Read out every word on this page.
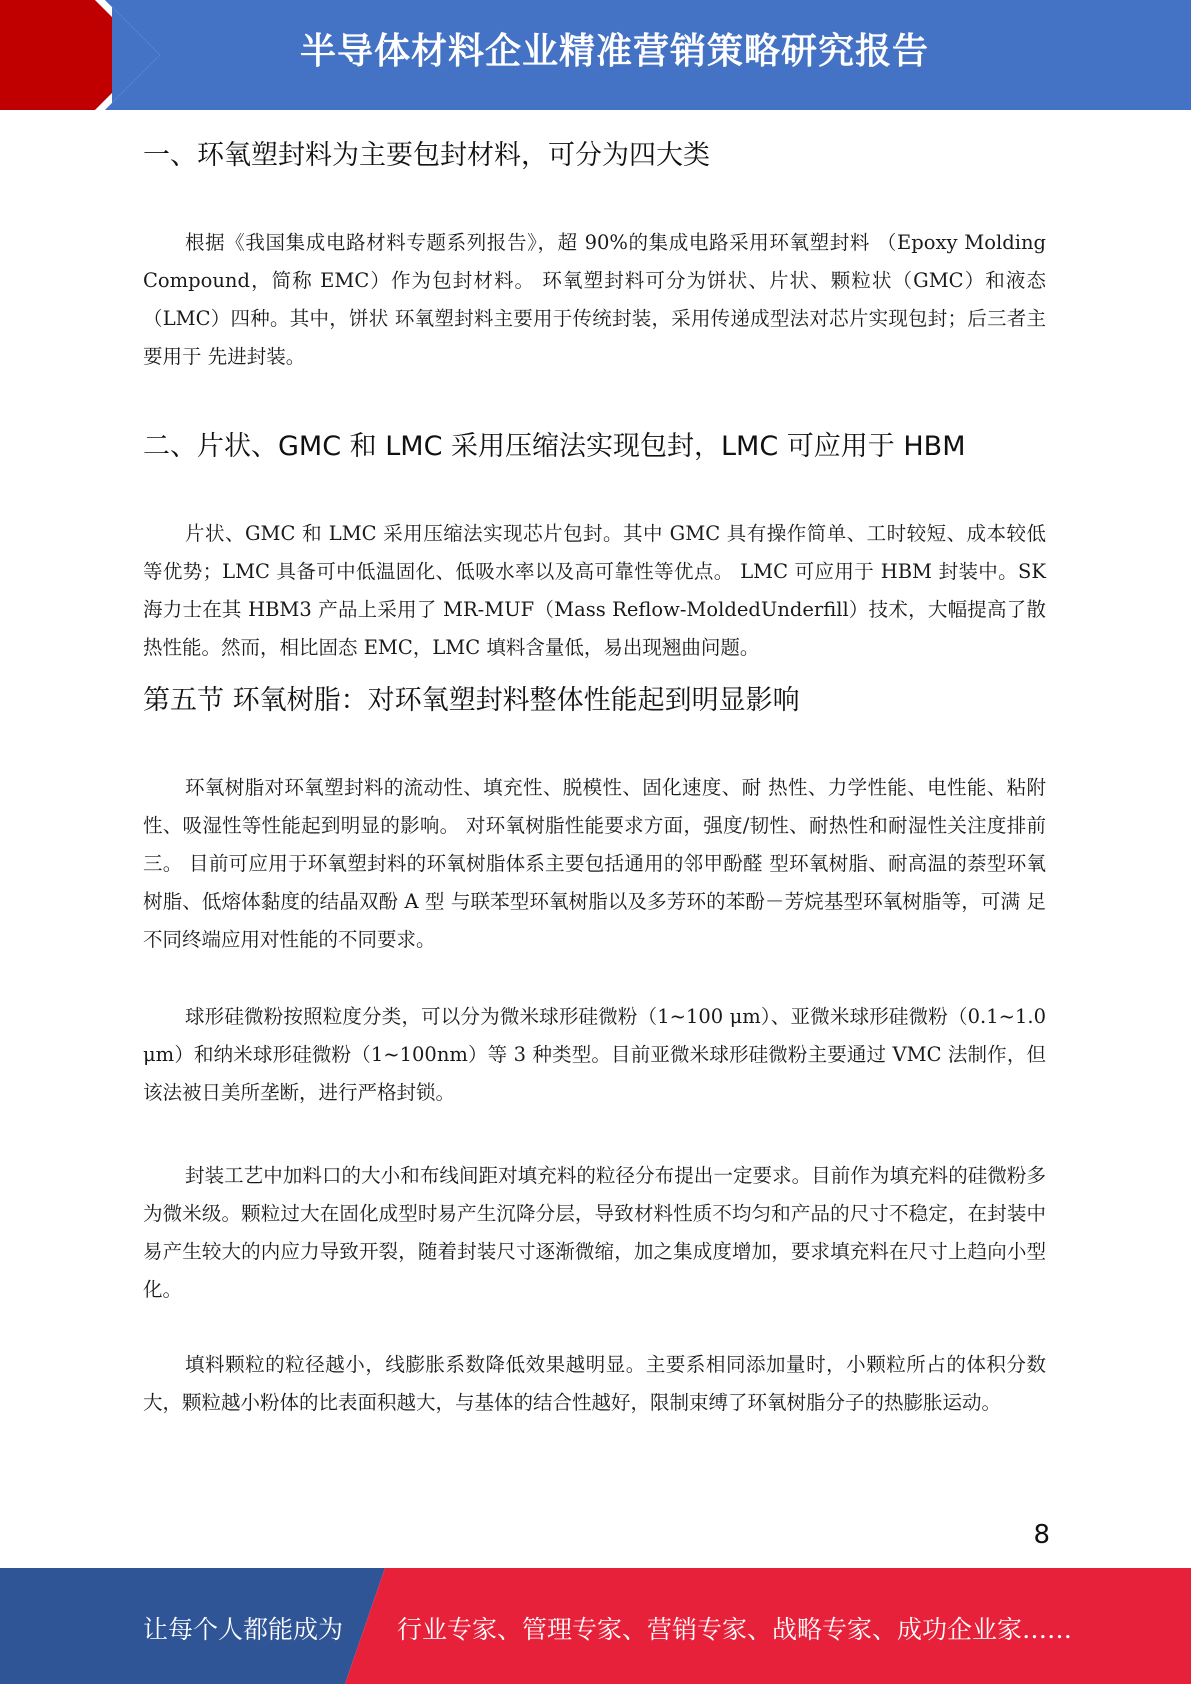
半导体材料企业精准营销策略研究报告
一、环氧塑封料为主要包封材料，可分为四大类

根据《我国集成电路材料专题系列报告》，超 90%的集成电路采用环氧塑封料 （Epoxy Molding Compound，简称 EMC）作为包封材料。 环氧塑封料可分为饼状、片状、颗粒状（GMC）和液态（LMC）四种。其中，饼状 环氧塑封料主要用于传统封装，采用传递成型法对芯片实现包封；后三者主要用于 先进封装。

二、片状、GMC 和 LMC 采用压缩法实现包封，LMC 可应用于 HBM

片状、GMC 和 LMC 采用压缩法实现芯片包封。其中 GMC 具有操作简单、工时较短、成本较低等优势；LMC 具备可中低温固化、低吸水率以及高可靠性等优点。 LMC 可应用于 HBM 封装中。SK 海力士在其 HBM3 产品上采用了 MR-MUF（Mass Reflow-MoldedUnderfill）技术，大幅提高了散热性能。然而，相比固态 EMC，LMC 填料含量低，易出现翘曲问题。

第五节 环氧树脂：对环氧塑封料整体性能起到明显影响

环氧树脂对环氧塑封料的流动性、填充性、脱模性、固化速度、耐 热性、力学性能、电性能、粘附性、吸湿性等性能起到明显的影响。 对环氧树脂性能要求方面，强度/韧性、耐热性和耐湿性关注度排前 三。 目前可应用于环氧塑封料的环氧树脂体系主要包括通用的邻甲酚醛 型环氧树脂、耐高温的萘型环氧树脂、低熔体黏度的结晶双酚 A 型 与联苯型环氧树脂以及多芳环的苯酚－芳烷基型环氧树脂等，可满 足不同终端应用对性能的不同要求。

球形硅微粉按照粒度分类，可以分为微米球形硅微粉（1~100 μm）、亚微米球形硅微粉（0.1~1.0 μm）和纳米球形硅微粉（1~100nm）等 3 种类型。目前亚微米球形硅微粉主要通过 VMC 法制作，但该法被日美所垄断，进行严格封锁。

封装工艺中加料口的大小和布线间距对填充料的粒径分布提出一定要求。目前作为填充料的硅微粉多为微米级。颗粒过大在固化成型时易产生沉降分层，导致材料性质不均匀和产品的尺寸不稳定，在封装中易产生较大的内应力导致开裂，随着封装尺寸逐渐微缩，加之集成度增加，要求填充料在尺寸上趋向小型化。

填料颗粒的粒径越小，线膨胀系数降低效果越明显。主要系相同添加量时，小颗粒所占的体积分数大，颗粒越小粉体的比表面积越大，与基体的结合性越好，限制束缚了环氧树脂分子的热膨胀运动。

8
让每个人都能成为 行业专家、管理专家、营销专家、战略专家、成功企业家……
